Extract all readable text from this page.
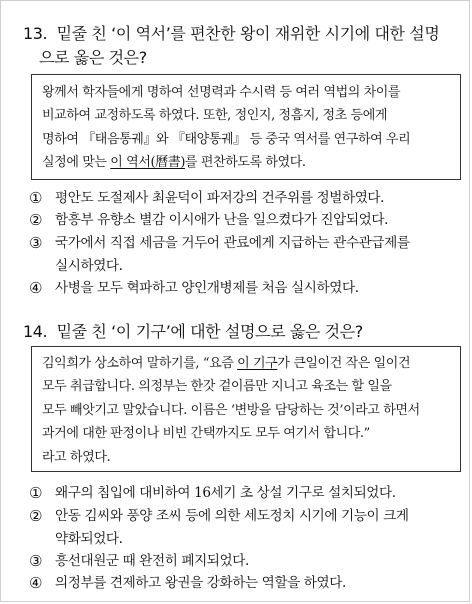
13.  밑줄 친 ‘이 역서’를 편찬한 왕이 재위한 시기에 대한 설명
으로 옳은 것은?
왕께서 학자들에게 명하여 선명력과 수시력 등 여러 역법의 차이를
비교하여 교정하도록 하였다. 또한, 정인지, 정흠지, 정초 등에게
명하여 『태음통궤』와 『태양통궤』 등 중국 역서를 연구하여 우리
실정에 맞는 이 역서(曆書)를 편찬하도록 하였다.
① 평안도 도절제사 최윤덕이 파저강의 건주위를 정벌하였다.
② 함흥부 유향소 별감 이시애가 난을 일으켰다가 진압되었다.
③ 국가에서 직접 세금을 거두어 관료에게 지급하는 관수관급제를
실시하였다.
④ 사병을 모두 혁파하고 양인개병제를 처음 실시하였다.
14.  밑줄 친 ‘이 기구’에 대한 설명으로 옳은 것은?
김익희가 상소하여 말하기를, “요즘 이 기구가 큰일이건 작은 일이건
모두 취급합니다. 의정부는 한갓 겉이름만 지니고 육조는 할 일을
모두 빼앗기고 말았습니다. 이름은 ‘변방을 담당하는 것’이라고 하면서
과거에 대한 판정이나 비빈 간택까지도 모두 여기서 합니다.”
라고 하였다.
① 왜구의 침입에 대비하여 16세기 초 상설 기구로 설치되었다.
② 안동 김씨와 풍양 조씨 등에 의한 세도정치 시기에 기능이 크게
약화되었다.
③ 흥선대원군 때 완전히 폐지되었다.
④ 의정부를 견제하고 왕권을 강화하는 역할을 하였다.
